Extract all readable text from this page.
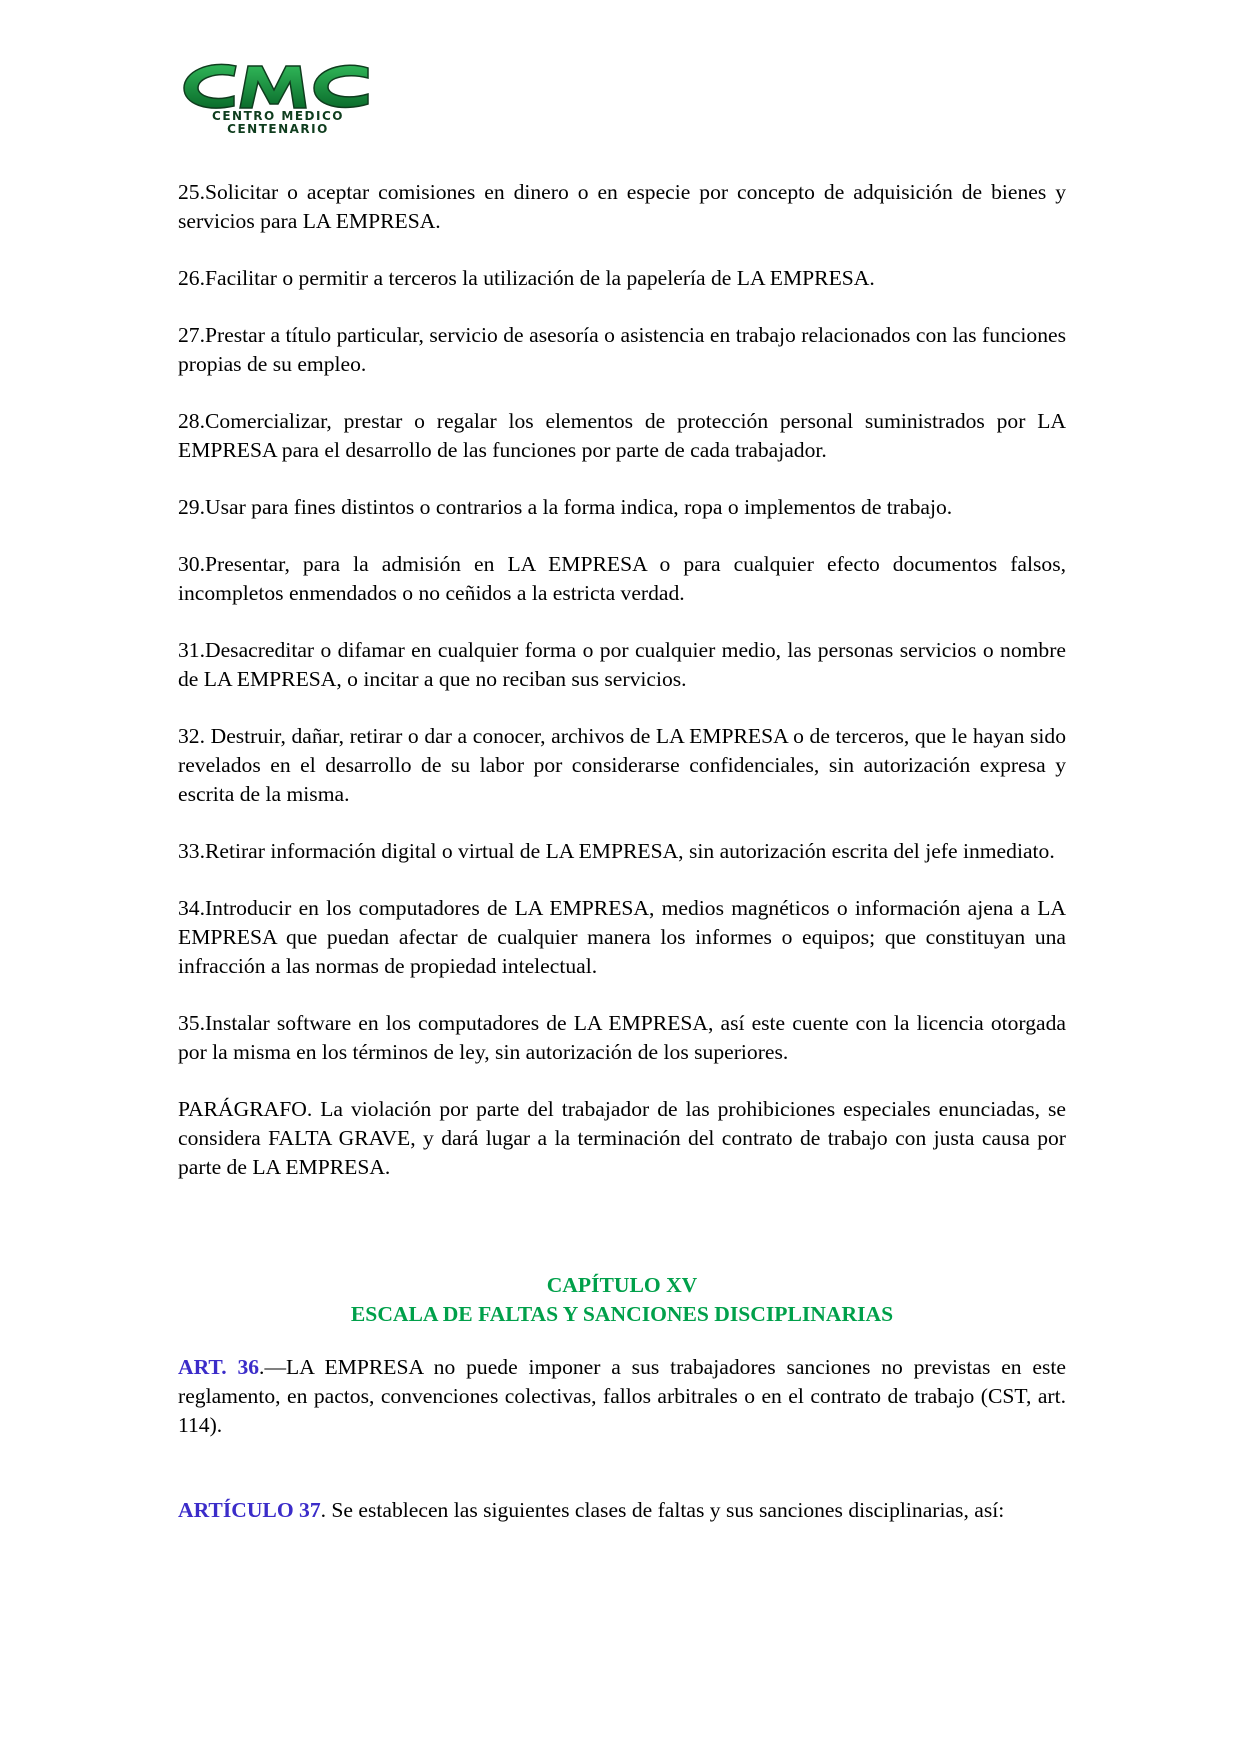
CENTRO MEDICO
CENTENARIO

25.Solicitar o aceptar comisiones en dinero o en especie por concepto de adquisición de bienes y servicios para LA EMPRESA.

26.Facilitar o permitir a terceros la utilización de la papelería de LA EMPRESA.

27.Prestar a título particular, servicio de asesoría o asistencia en trabajo relacionados con las funciones propias de su empleo.

28.Comercializar, prestar o regalar los elementos de protección personal suministrados por LA EMPRESA para el desarrollo de las funciones por parte de cada trabajador.

29.Usar para fines distintos o contrarios a la forma indica, ropa o implementos de trabajo.

30.Presentar, para la admisión en LA EMPRESA o para cualquier efecto documentos falsos, incompletos enmendados o no ceñidos a la estricta verdad.

31.Desacreditar o difamar en cualquier forma o por cualquier medio, las personas servicios o nombre de LA EMPRESA, o incitar a que no reciban sus servicios.

32. Destruir, dañar, retirar o dar a conocer, archivos de LA EMPRESA o de terceros, que le hayan sido revelados en el desarrollo de su labor por considerarse confidenciales, sin autorización expresa y escrita de la misma.

33.Retirar información digital o virtual de LA EMPRESA, sin autorización escrita del jefe inmediato.

34.Introducir en los computadores de LA EMPRESA, medios magnéticos o información ajena a LA EMPRESA que puedan afectar de cualquier manera los informes o equipos; que constituyan una infracción a las normas de propiedad intelectual.

35.Instalar software en los computadores de LA EMPRESA, así este cuente con la licencia otorgada por la misma en los términos de ley, sin autorización de los superiores.

PARÁGRAFO. La violación por parte del trabajador de las prohibiciones especiales enunciadas, se considera FALTA GRAVE, y dará lugar a la terminación del contrato de trabajo con justa causa por parte de LA EMPRESA.

CAPÍTULO XV
ESCALA DE FALTAS Y SANCIONES DISCIPLINARIAS

ART. 36.—LA EMPRESA no puede imponer a sus trabajadores sanciones no previstas en este reglamento, en pactos, convenciones colectivas, fallos arbitrales o en el contrato de trabajo (CST, art. 114).

ARTÍCULO 37. Se establecen las siguientes clases de faltas y sus sanciones disciplinarias, así:
